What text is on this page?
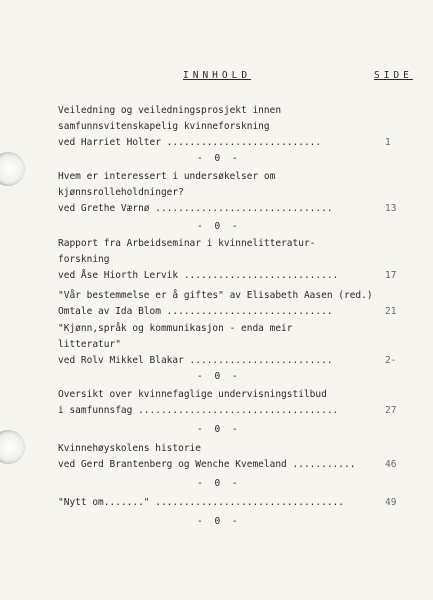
INNHOLD	SIDE
Veiledning og veiledningsprosjekt innen
samfunnsvitenskapelig kvinneforskning
ved Harriet Holter ...........................	1
- 0 -
Hvem er interessert i undersøkelser om
kjønnsrolleholdninger?
ved Grethe Værnø ...............................	13
- 0 -
Rapport fra Arbeidseminar i kvinnelitteratur-
forskning
ved Åse Hiorth Lervik ...........................	17
"Vår bestemmelse er å giftes" av Elisabeth Aasen (red.)
Omtale av Ida Blom .............................	21
"Kjønn,språk og kommunikasjon - enda meir
litteratur"
ved Rolv Mikkel Blakar .........................	2-
- 0 -
Oversikt over kvinnefaglige undervisningstilbud
i samfunnsfag ...................................	27
- 0 -
Kvinnehøyskolens historie
ved Gerd Brantenberg og Wenche Kvemeland ...........	46
- 0 -
"Nytt om......." .................................	49
- 0 -
